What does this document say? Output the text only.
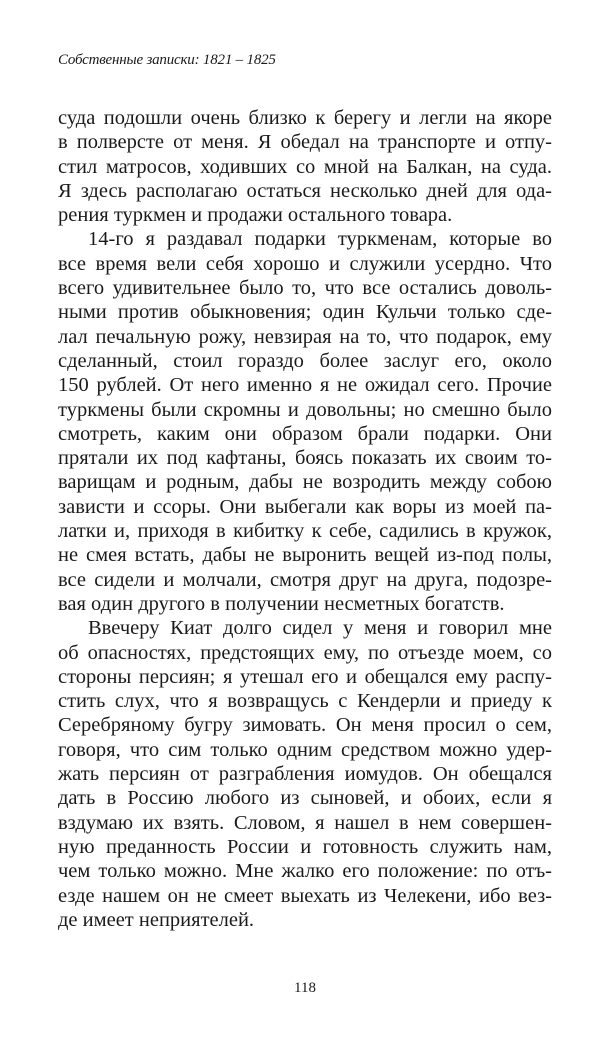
Собственные записки: 1821 – 1825
суда подошли очень близко к берегу и легли на якоре
в полверсте от меня. Я обедал на транспорте и отпу-
стил матросов, ходивших со мной на Балкан, на суда.
Я здесь располагаю остаться несколько дней для ода-
рения туркмен и продажи остального товара.
14-го я раздавал подарки туркменам, которые во
все время вели себя хорошо и служили усердно. Что
всего удивительнее было то, что все остались доволь-
ными против обыкновения; один Кульчи только сде-
лал печальную рожу, невзирая на то, что подарок, ему
сделанный, стоил гораздо более заслуг его, около
150 рублей. От него именно я не ожидал сего. Прочие
туркмены были скромны и довольны; но смешно было
смотреть, каким они образом брали подарки. Они
прятали их под кафтаны, боясь показать их своим то-
варищам и родным, дабы не возродить между собою
зависти и ссоры. Они выбегали как воры из моей па-
латки и, приходя в кибитку к себе, садились в кружок,
не смея встать, дабы не выронить вещей из-под полы,
все сидели и молчали, смотря друг на друга, подозре-
вая один другого в получении несметных богатств.
Ввечеру Киат долго сидел у меня и говорил мне
об опасностях, предстоящих ему, по отъезде моем, со
стороны персиян; я утешал его и обещался ему распу-
стить слух, что я возвращусь с Кендерли и приеду к
Серебряному бугру зимовать. Он меня просил о сем,
говоря, что сим только одним средством можно удер-
жать персиян от разграбления иомудов. Он обещался
дать в Россию любого из сыновей, и обоих, если я
вздумаю их взять. Словом, я нашел в нем совершен-
ную преданность России и готовность служить нам,
чем только можно. Мне жалко его положение: по отъ-
езде нашем он не смеет выехать из Челекени, ибо вез-
де имеет неприятелей.
118
